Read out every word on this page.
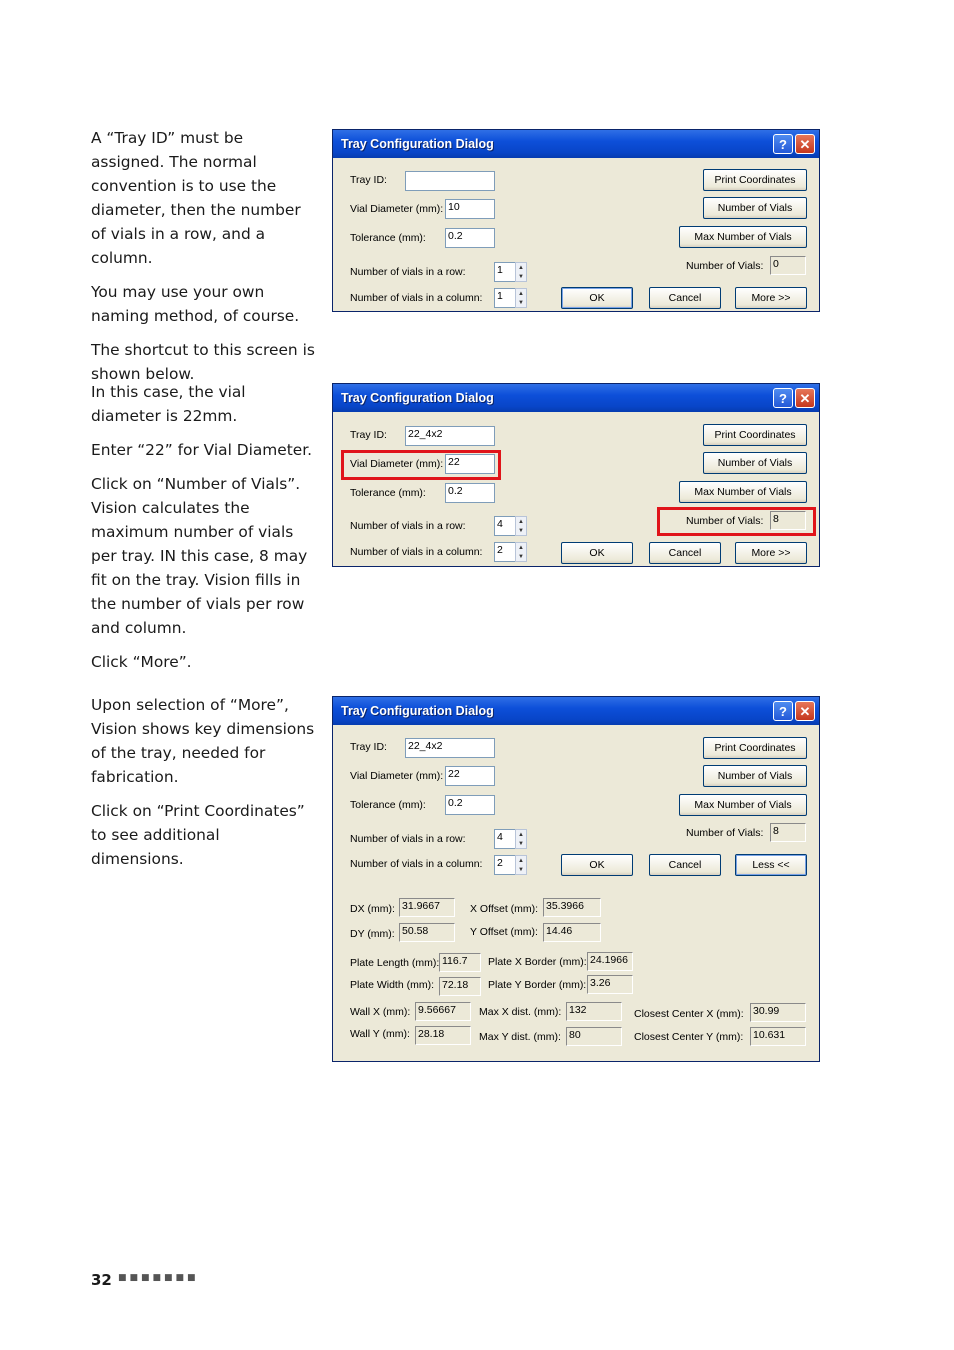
A “Tray ID” must be assigned. The normal convention is to use the diameter, then the number of vials in a row, and a column.

You may use your own naming method, of course.

The shortcut to this screen is shown below.

In this case, the vial diameter is 22mm.

Enter “22” for Vial Diameter.

Click on “Number of Vials”. Vision calculates the maximum number of vials per tray. IN this case, 8 may fit on the tray. Vision fills in the number of vials per row and column.

Click “More”.

Upon selection of “More”, Vision shows key dimensions of the tray, needed for fabrication.

Click on “Print Coordinates” to see additional dimensions.

Tray Configuration Dialog	? ✕
Tray ID:
Vial Diameter (mm): 10
Tolerance (mm): 0.2
Number of vials in a row:	1	▲
▼
Number of vials in a column: 1	▲
▼
Print Coordinates
Number of Vials
Max Number of Vials
Number of Vials: 0
OK	Cancel	More >>
Tray Configuration Dialog	? ✕
Tray ID: 22_4x2
Vial Diameter (mm): 22
Tolerance (mm): 0.2
Number of vials in a row:	4	▲
▼
Number of vials in a column: 2	▲
▼
Print Coordinates
Number of Vials
Max Number of Vials
Number of Vials: 8
OK	Cancel	More >>
Tray Configuration Dialog	? ✕
Tray ID: 22_4x2
Vial Diameter (mm): 22
Tolerance (mm): 0.2
Number of vials in a row:	4	▲
▼
Number of vials in a column: 2	▲
▼
Print Coordinates
Number of Vials
Max Number of Vials
Number of Vials: 8
OK	Cancel	Less <<
DX (mm): 31.9667	X Offset (mm): 35.3966
DY (mm): 50.58	Y Offset (mm): 14.46
Plate Length (mm): 116.7	Plate X Border (mm): 24.1966
Plate Width (mm): 72.18	Plate Y Border (mm): 3.26
Wall X (mm): 9.56667	Max X dist. (mm): 132	Closest Center X (mm): 30.99
Wall Y (mm): 28.18	Max Y dist. (mm): 80	Closest Center Y (mm): 10.631
32 ■■■■■■■
